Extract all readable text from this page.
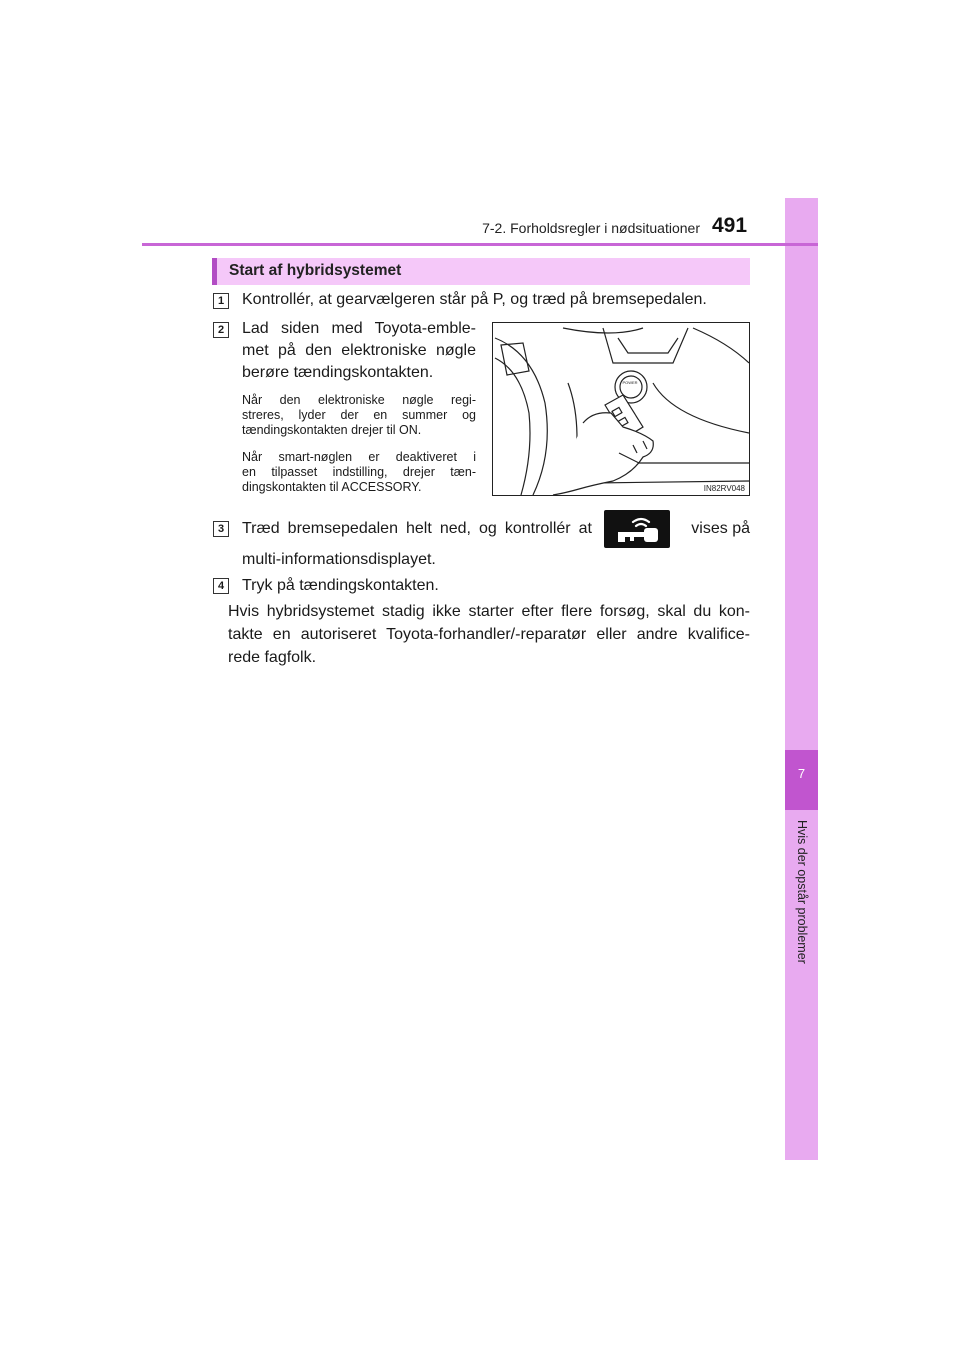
7
Hvis der opstår problemer
7-2. Forholdsregler i nødsituationer 491
Start af hybridsystemet
1	Kontrollér, at gearvælgeren står på P, og træd på bremsepedalen.
2	Lad siden med Toyota-emble-
met på den elektroniske nøgle
berøre tændingskontakten.
Når den elektroniske nøgle regi-
streres, lyder der en summer og
tændingskontakten drejer til ON.
Når smart-nøglen er deaktiveret i
en tilpasset indstilling, drejer tæn-
dingskontakten til ACCESSORY.
POWER
IN82RV048
3	Træd bremsepedalen helt ned, og kontrollér at	vises på
multi-informationsdisplayet.
4	Tryk på tændingskontakten.
Hvis hybridsystemet stadig ikke starter efter flere forsøg, skal du kon-
takte en autoriseret Toyota-forhandler/-reparatør eller andre kvalifice-
rede fagfolk.
